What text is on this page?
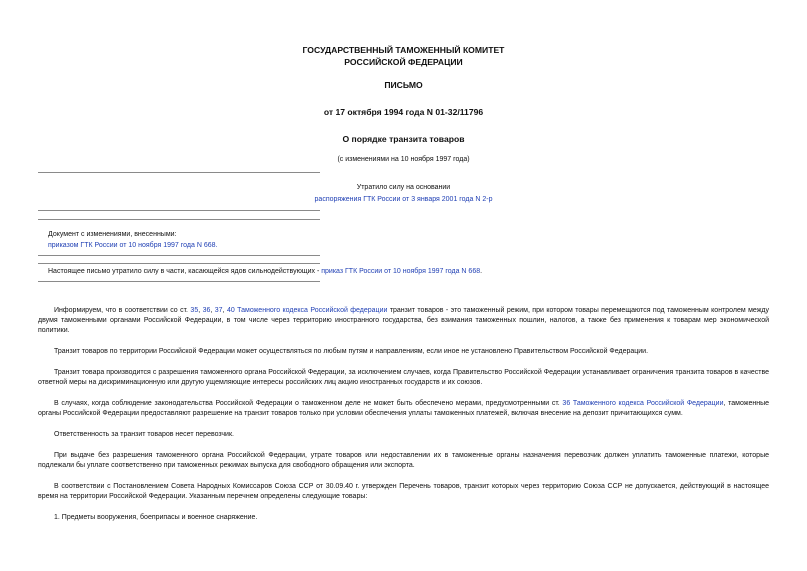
ГОСУДАРСТВЕННЫЙ ТАМОЖЕННЫЙ КОМИТЕТ
РОССИЙСКОЙ ФЕДЕРАЦИИ
ПИСЬМО
от 17 октября 1994 года N 01-32/11796
О порядке транзита товаров
(с изменениями на 10 ноября 1997 года)
Утратило силу на основании
распоряжения ГТК России от 3 января 2001 года N 2-р
Документ с изменениями, внесенными:
приказом ГТК России от 10 ноября 1997 года N 668.
Настоящее письмо утратило силу в части, касающейся ядов сильнодействующих - приказ ГТК России от 10 ноября 1997 года N 668.
Информируем, что в соответствии со ст. 35, 36, 37, 40 Таможенного кодекса Российской федерации транзит товаров - это таможенный режим, при котором товары перемещаются под таможенным контролем между двумя таможенными органами Российской Федерации, в том числе через территорию иностранного государства, без взимания таможенных пошлин, налогов, а также без применения к товарам мер экономической политики.
Транзит товаров по территории Российской Федерации может осуществляться по любым путям и направлениям, если иное не установлено Правительством Российской Федерации.
Транзит товара производится с разрешения таможенного органа Российской Федерации, за исключением случаев, когда Правительство Российской Федерации устанавливает ограничения транзита товаров в качестве ответной меры на дискриминационную или другую ущемляющие интересы российских лиц акцию иностранных государств и их союзов.
В случаях, когда соблюдение законодательства Российской Федерации о таможенном деле не может быть обеспечено мерами, предусмотренными ст. 36 Таможенного кодекса Российской Федерации, таможенные органы Российской Федерации предоставляют разрешение на транзит товаров только при условии обеспечения уплаты таможенных платежей, включая внесение на депозит причитающихся сумм.
Ответственность за транзит товаров несет перевозчик.
При выдаче без разрешения таможенного органа Российской Федерации, утрате товаров или недоставлении их в таможенные органы назначения перевозчик должен уплатить таможенные платежи, которые подлежали бы уплате соответственно при таможенных режимах выпуска для свободного обращения или экспорта.
В соответствии с Постановлением Совета Народных Комиссаров Союза ССР от 30.09.40 г. утвержден Перечень товаров, транзит которых через территорию Союза ССР не допускается, действующий в настоящее время на территории Российской Федерации. Указанным перечнем определены следующие товары:
1. Предметы вооружения, боеприпасы и военное снаряжение.
